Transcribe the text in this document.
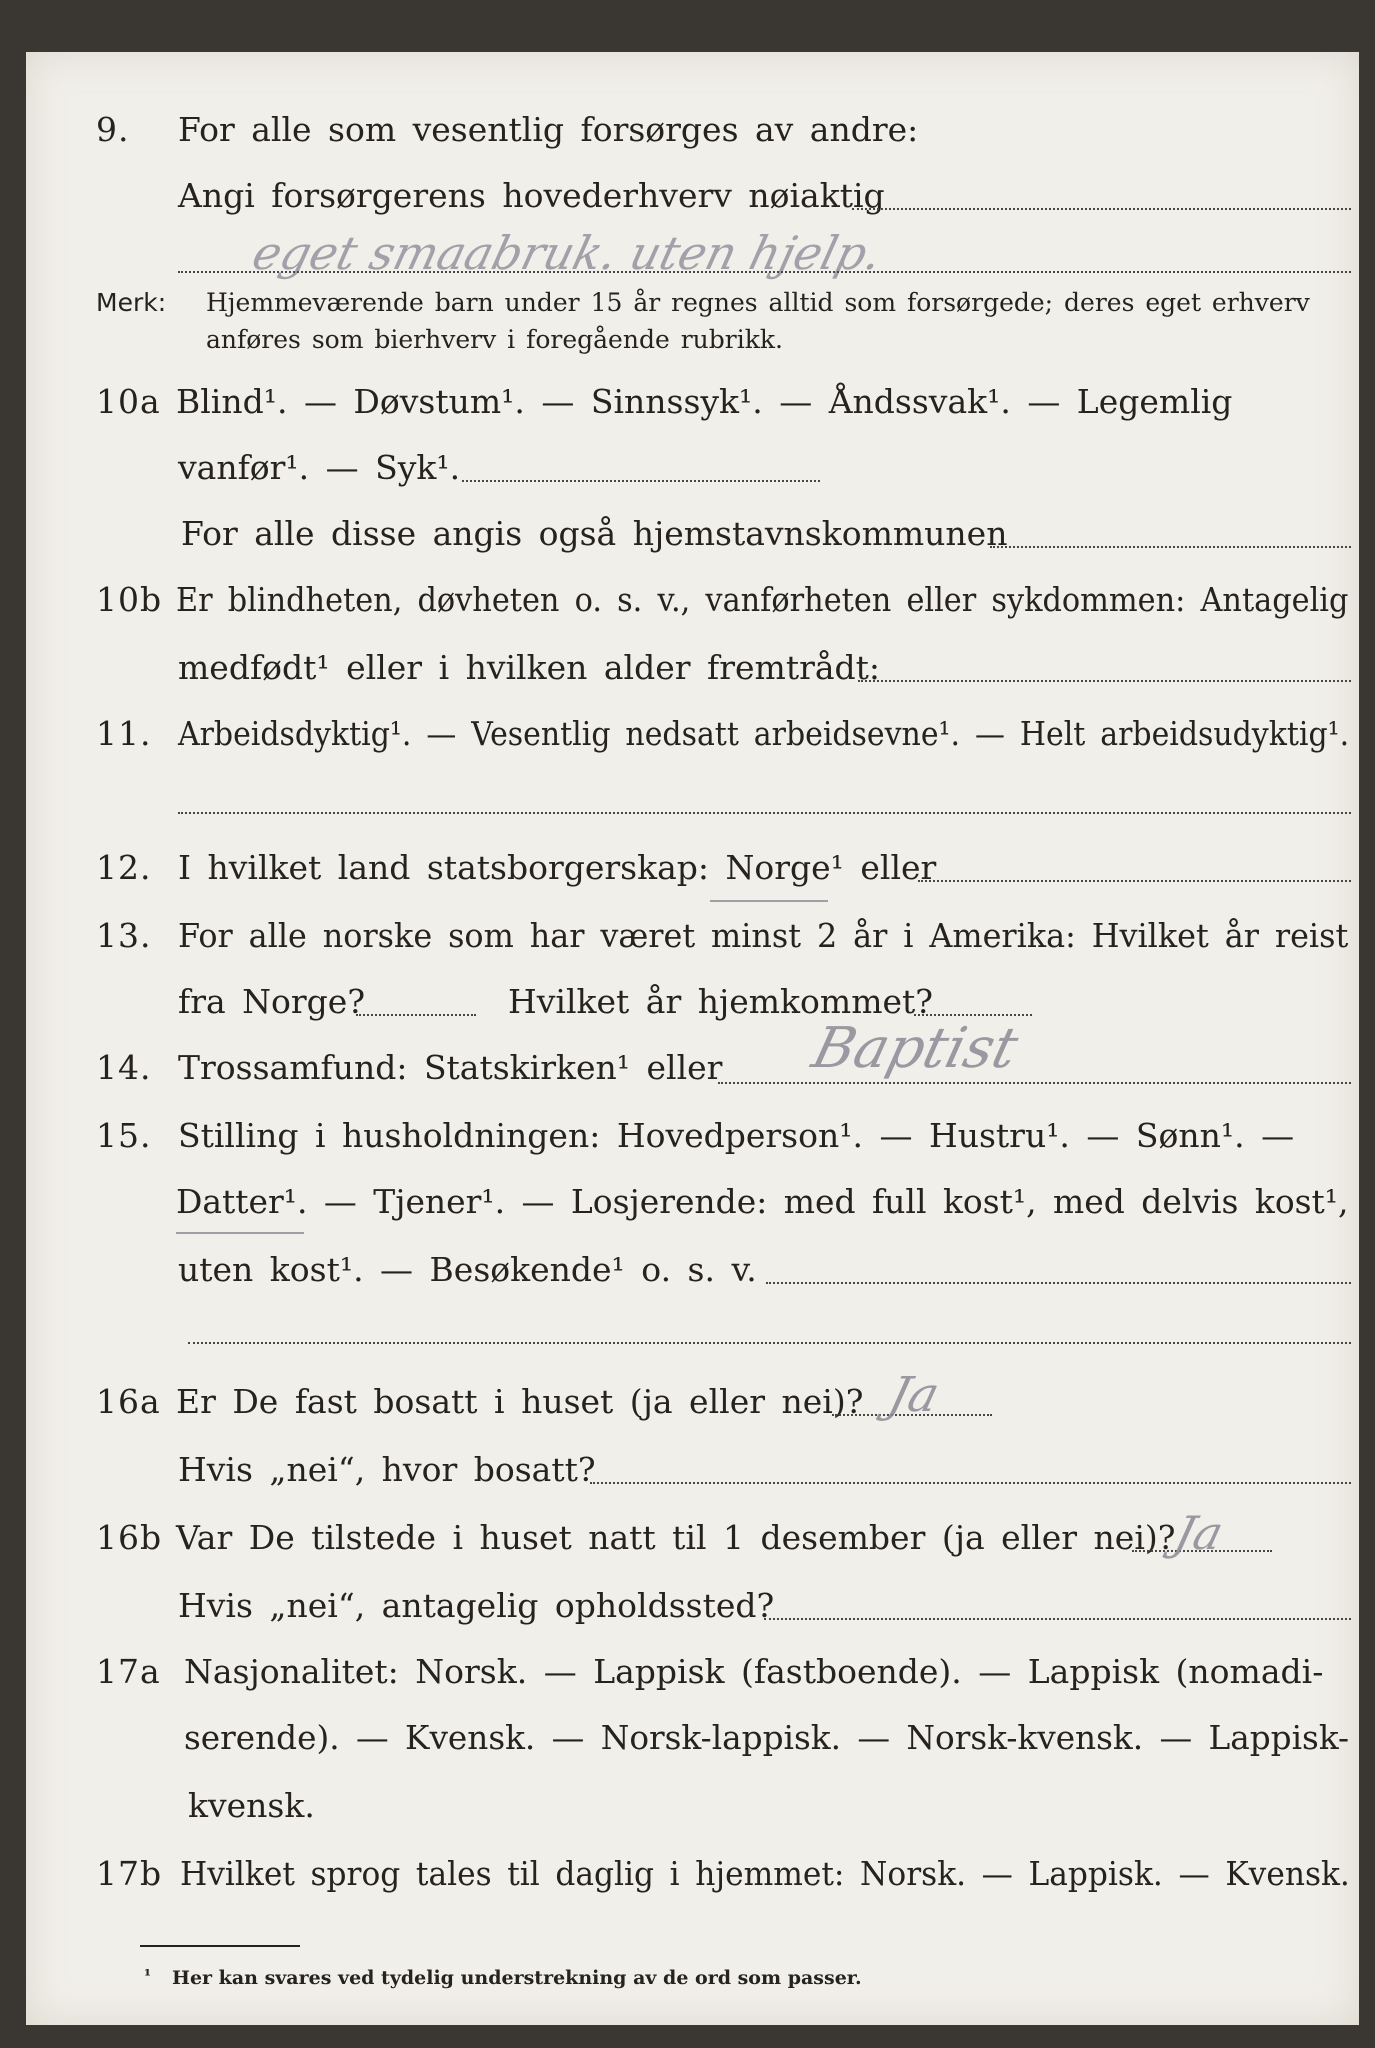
9. For alle som vesentlig forsørges av andre:
Angi forsørgerens hovederhverv nøiaktig
eget smaabruk. uten hjelp.
Merk: Hjemmeværende barn under 15 år regnes alltid som forsørgede; deres eget erhverv
anføres som bierhverv i foregående rubrikk.
10a Blind¹. — Døvstum¹. — Sinnssyk¹. — Åndssvak¹. — Legemlig
vanfør¹. — Syk¹.
For alle disse angis også hjemstavnskommunen
10b Er blindheten, døvheten o. s. v., vanførheten eller sykdommen: Antagelig
medfødt¹ eller i hvilken alder fremtrådt:
11. Arbeidsdyktig¹. — Vesentlig nedsatt arbeidsevne¹. — Helt arbeidsudyktig¹.
12. I hvilket land statsborgerskap: Norge¹ eller
13. For alle norske som har været minst 2 år i Amerika: Hvilket år reist
fra Norge?	Hvilket år hjemkommet?
14. Trossamfund: Statskirken¹ eller Baptist
15. Stilling i husholdningen: Hovedperson¹. — Hustru¹. — Sønn¹. —
Datter¹. — Tjener¹. — Losjerende: med full kost¹, med delvis kost¹,
uten kost¹. — Besøkende¹ o. s. v.
16a Er De fast bosatt i huset (ja eller nei)? Ja
Hvis „nei“, hvor bosatt?
16b Var De tilstede i huset natt til 1 desember (ja eller nei)?
Ja
Hvis „nei“, antagelig opholdssted?
17a Nasjonalitet: Norsk. — Lappisk (fastboende). — Lappisk (nomadi-
serende). — Kvensk. — Norsk-lappisk. — Norsk-kvensk. — Lappisk-
kvensk.
17b Hvilket sprog tales til daglig i hjemmet: Norsk. — Lappisk. — Kvensk.
¹ Her kan svares ved tydelig understrekning av de ord som passer.
